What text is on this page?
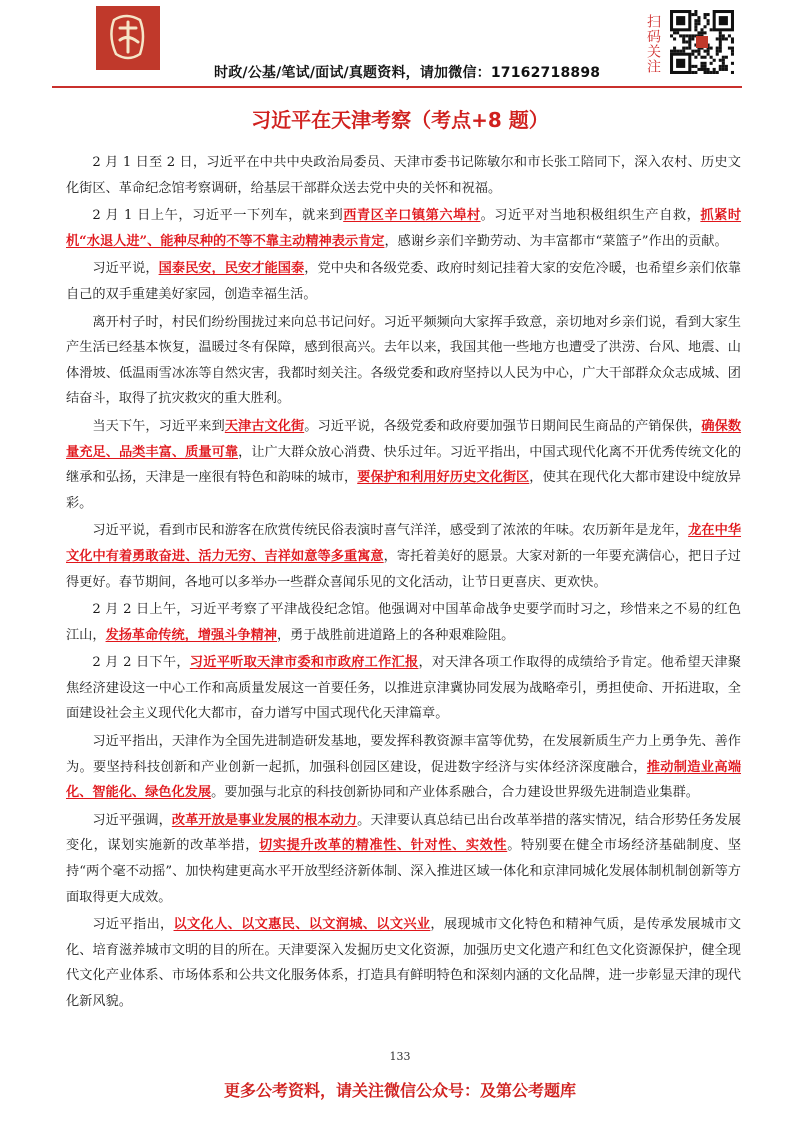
时政/公基/笔试/面试/真题资料，请加微信：17162718898	扫码关注
习近平在天津考察（考点+8 题）

2 月 1 日至 2 日，习近平在中共中央政治局委员、天津市委书记陈敏尔和市长张工陪同下，深入农村、历史文化街区、革命纪念馆考察调研，给基层干部群众送去党中央的关怀和祝福。

2 月 1 日上午，习近平一下列车，就来到西青区辛口镇第六埠村。习近平对当地积极组织生产自救，抓紧时机“水退人进”、能种尽种的不等不靠主动精神表示肯定，感谢乡亲们辛勤劳动、为丰富都市“菜篮子”作出的贡献。

习近平说，国泰民安，民安才能国泰，党中央和各级党委、政府时刻记挂着大家的安危冷暖，也希望乡亲们依靠自己的双手重建美好家园，创造幸福生活。

离开村子时，村民们纷纷围拢过来向总书记问好。习近平频频向大家挥手致意，亲切地对乡亲们说，看到大家生产生活已经基本恢复，温暖过冬有保障，感到很高兴。去年以来，我国其他一些地方也遭受了洪涝、台风、地震、山体滑坡、低温雨雪冰冻等自然灾害，我都时刻关注。各级党委和政府坚持以人民为中心，广大干部群众众志成城、团结奋斗，取得了抗灾救灾的重大胜利。

当天下午，习近平来到天津古文化街。习近平说，各级党委和政府要加强节日期间民生商品的产销保供，确保数量充足、品类丰富、质量可靠，让广大群众放心消费、快乐过年。习近平指出，中国式现代化离不开优秀传统文化的继承和弘扬，天津是一座很有特色和韵味的城市，要保护和利用好历史文化街区，使其在现代化大都市建设中绽放异彩。

习近平说，看到市民和游客在欣赏传统民俗表演时喜气洋洋，感受到了浓浓的年味。农历新年是龙年，龙在中华文化中有着勇敢奋进、活力无穷、吉祥如意等多重寓意，寄托着美好的愿景。大家对新的一年要充满信心，把日子过得更好。春节期间，各地可以多举办一些群众喜闻乐见的文化活动，让节日更喜庆、更欢快。

2 月 2 日上午，习近平考察了平津战役纪念馆。他强调对中国革命战争史要学而时习之，珍惜来之不易的红色江山，发扬革命传统，增强斗争精神，勇于战胜前进道路上的各种艰难险阻。

2 月 2 日下午，习近平听取天津市委和市政府工作汇报，对天津各项工作取得的成绩给予肯定。他希望天津聚焦经济建设这一中心工作和高质量发展这一首要任务，以推进京津冀协同发展为战略牵引，勇担使命、开拓进取，全面建设社会主义现代化大都市，奋力谱写中国式现代化天津篇章。

习近平指出，天津作为全国先进制造研发基地，要发挥科教资源丰富等优势，在发展新质生产力上勇争先、善作为。要坚持科技创新和产业创新一起抓，加强科创园区建设，促进数字经济与实体经济深度融合，推动制造业高端化、智能化、绿色化发展。要加强与北京的科技创新协同和产业体系融合，合力建设世界级先进制造业集群。

习近平强调，改革开放是事业发展的根本动力。天津要认真总结已出台改革举措的落实情况，结合形势任务发展变化，谋划实施新的改革举措，切实提升改革的精准性、针对性、实效性。特别要在健全市场经济基础制度、坚持“两个毫不动摇”、加快构建更高水平开放型经济新体制、深入推进区域一体化和京津同城化发展体制机制创新等方面取得更大成效。

习近平指出，以文化人、以文惠民、以文润城、以文兴业，展现城市文化特色和精神气质，是传承发展城市文化、培育滋养城市文明的目的所在。天津要深入发掘历史文化资源，加强历史文化遗产和红色文化资源保护，健全现代文化产业体系、市场体系和公共文化服务体系，打造具有鲜明特色和深刻内涵的文化品牌，进一步彰显天津的现代化新风貌。

133
更多公考资料，请关注微信公众号：及第公考题库
